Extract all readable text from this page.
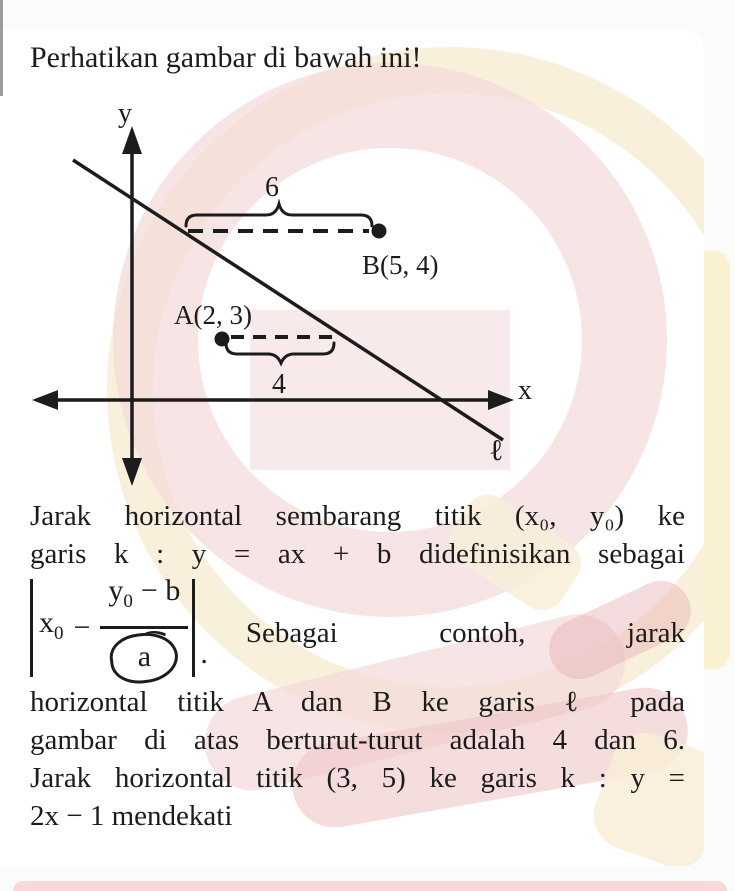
Perhatikan gambar di bawah ini!
y
x
ℓ
B(5, 4)
6
A(2, 3)
4
Jarak horizontal sembarang titik (x₀, y₀) ke
garis k : y = ax + b didefinisikan sebagai
$x_0 - \frac{y_0 - b}{a}$ .
Sebagai contoh, jarak
horizontal titik A dan B ke garis ℓ pada
gambar di atas berturut-turut adalah 4 dan 6.
Jarak horizontal titik (3, 5) ke garis k : y =
2x − 1 mendekati
